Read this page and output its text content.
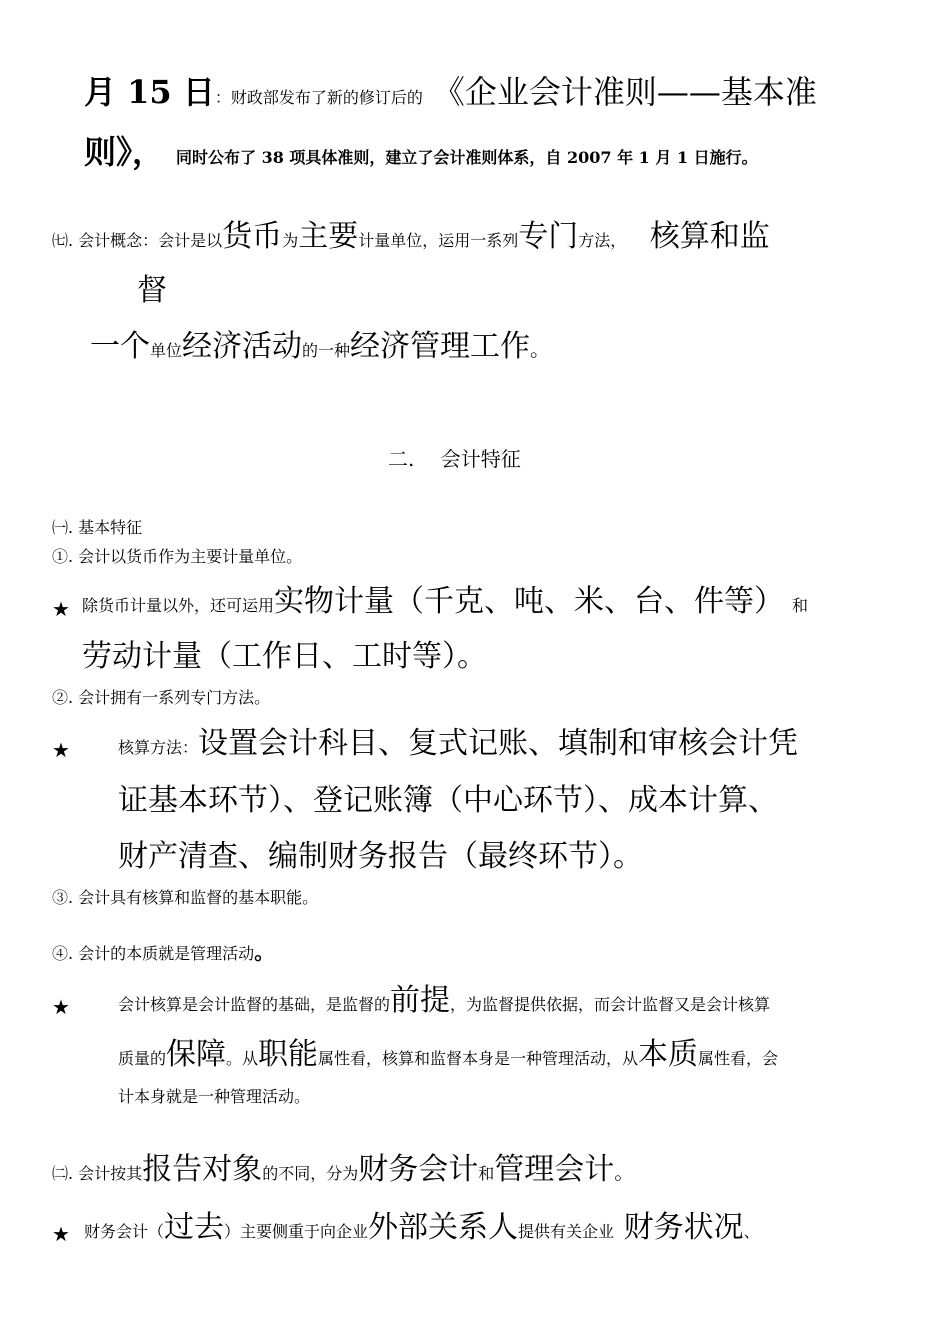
月 15 日：财政部发布了新的修订后的 《企业会计准则——基本准
则》， 同时公布了 38 项具体准则，建立了会计准则体系，自 2007 年 1 月 1 日施行。
㈦. 会计概念：会计是以货币为主要计量单位，运用一系列专门方法， 核算和监
督
一个单位经济活动的一种经济管理工作。
二.　 会计特征
㈠. 基本特征
①. 会计以货币作为主要计量单位。
★ 除货币计量以外，还可运用实物计量（千克、吨、米、台、件等） 和
劳动计量（工作日、工时等）。
②. 会计拥有一系列专门方法。
★	核算方法：设置会计科目、复式记账、填制和审核会计凭
证基本环节）、登记账簿（中心环节）、成本计算、
财产清查、编制财务报告（最终环节）。
③. 会计具有核算和监督的基本职能。
④. 会计的本质就是管理活动。
★	会计核算是会计监督的基础，是监督的前提，为监督提供依据，而会计监督又是会计核算
质量的保障。从职能属性看，核算和监督本身是一种管理活动，从本质属性看，会
计本身就是一种管理活动。
㈡. 会计按其报告对象的不同，分为财务会计和管理会计。
★ 财务会计（过去）主要侧重于向企业外部关系人提供有关企业 财务状况、
